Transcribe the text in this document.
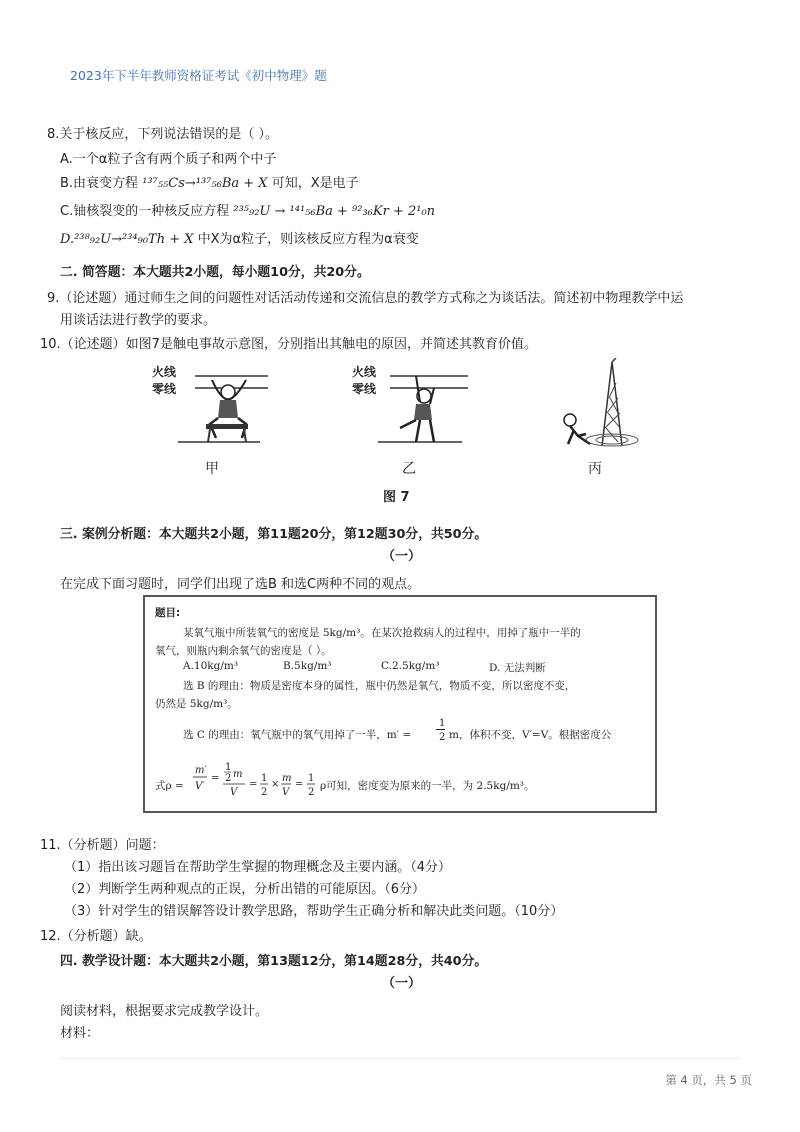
2023年下半年教师资格证考试《初中物理》题
8.关于核反应，下列说法错误的是（ ）。
A.一个α粒子含有两个质子和两个中子
B.由衰变方程 ¹³⁷₅₅Cs→¹³⁷₅₆Ba + X 可知，X是电子
C.铀核裂变的一种核反应方程 ²³⁵₉₂U → ¹⁴¹₅₆Ba + ⁹²₃₆Kr + 2¹₀n
D.²³⁸₉₂U→²³⁴₉₀Th + X 中X为α粒子，则该核反应方程为α衰变
二. 简答题：本大题共2小题，每小题10分，共20分。
9.（论述题）通过师生之间的问题性对话活动传递和交流信息的教学方式称之为谈话法。简述初中物理教学中运
用谈话法进行教学的要求。
10.（论述题）如图7是触电事故示意图，分别指出其触电的原因，并简述其教育价值。
火线
零线
火线
零线
甲	乙	丙
图 7
三. 案例分析题：本大题共2小题，第11题20分，第12题30分，共50分。
（一）
在完成下面习题时，同学们出现了选B 和选C两种不同的观点。
题目:
某氧气瓶中所装氧气的密度是 5kg/m³。在某次抢救病人的过程中，用掉了瓶中一半的
氧气，则瓶内剩余氧气的密度是（ ）。
A.10kg/m³	B.5kg/m³	C.2.5kg/m³	D. 无法判断
选 B 的理由：物质是密度本身的属性，瓶中仍然是氧气，物质不变，所以密度不变，
仍然是 5kg/m³。
选 C 的理由：氧气瓶中的氧气用掉了一半，m′ =
1
2 m，体积不变，V′=V。根据密度公
式ρ =
m′
V′
=
1
2 m
V
=
1
2
×
m
V
=
1
2
ρ可知，密度变为原来的一半，为 2.5kg/m³。
11.（分析题）问题：
（1）指出该习题旨在帮助学生掌握的物理概念及主要内涵。（4分）
（2）判断学生两种观点的正误，分析出错的可能原因。（6分）
（3）针对学生的错误解答设计教学思路，帮助学生正确分析和解决此类问题。（10分）
12.（分析题）缺。
四. 教学设计题：本大题共2小题，第13题12分，第14题28分，共40分。
（一）
阅读材料，根据要求完成教学设计。
材料：
第 4 页，共 5 页
